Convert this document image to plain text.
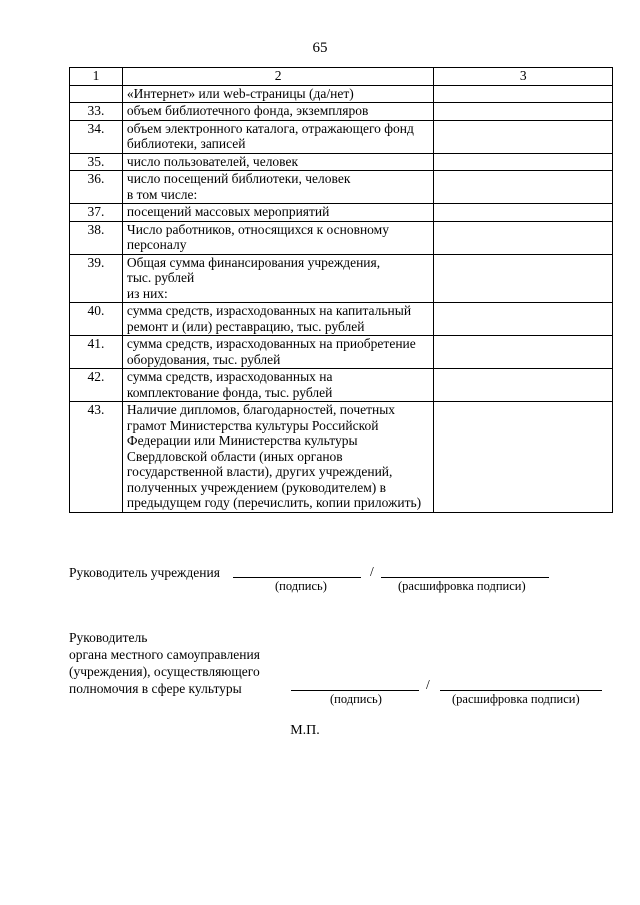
65
1	2	3
	«Интернет» или web-страницы (да/нет)	
33.	объем библиотечного фонда, экземпляров	
34.	объем электронного каталога, отражающего фонд библиотеки, записей	
35.	число пользователей, человек	
36.	число посещений библиотеки, человек
в том числе:	
37.	посещений массовых мероприятий	
38.	Число работников, относящихся к основному персоналу	
39.	Общая сумма финансирования учреждения,
тыс. рублей
из них:	
40.	сумма средств, израсходованных на капитальный ремонт и (или) реставрацию, тыс. рублей	
41.	сумма средств, израсходованных на приобретение оборудования, тыс. рублей	
42.	сумма средств, израсходованных на
комплектование фонда, тыс. рублей	
43.	Наличие дипломов, благодарностей, почетных грамот Министерства культуры Российской Федерации или Министерства культуры Свердловской области (иных органов государственной власти), других учреждений, полученных учреждением (руководителем) в предыдущем году (перечислить, копии приложить)	
Руководитель учреждения	/
(подпись)	(расшифровка подписи)
Руководитель
органа местного самоуправления
(учреждения), осуществляющего
полномочия в сфере культуры	/
(подпись)	(расшифровка подписи)
М.П.
